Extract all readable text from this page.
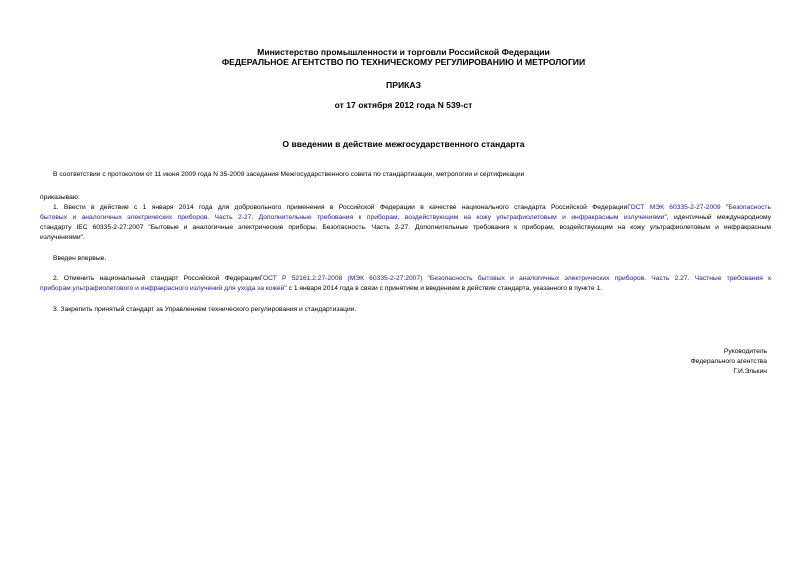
Министерство промышленности и торговли Российской Федерации
ФЕДЕРАЛЬНОЕ АГЕНТСТВО ПО ТЕХНИЧЕСКОМУ РЕГУЛИРОВАНИЮ И МЕТРОЛОГИИ
ПРИКАЗ
от 17 октября 2012 года N 539-ст
О введении в действие межгосударственного стандарта
В соответствии с протоколом от 11 июня 2009 года N 35-2009 заседания Межгосударственного совета по стандартизации, метрологии и сертификации
приказываю:
1. Ввести в действие с 1 января 2014 года для добровольного применения в Российской Федерации в качестве национального стандарта Российской ФедерацииГОСТ МЭК 60335-2-27-2009 "Безопасность
бытовых и аналогичных электрических приборов. Часть 2-27. Дополнительные требования к приборам, воздействующим на кожу ультрафиолетовым и инфракрасным излучениями", идентичный международному
стандарту IEC 60335-2-27:2007 "Бытовые и аналогичные электрические приборы. Безопасность. Часть 2-27. Дополнительные требования к приборам, воздействующим на кожу ультрафиолетовым и инфракрасным
излучениями".
Введен впервые.
2. Отменить национальный стандарт Российской ФедерацииГОСТ Р 52161.2.27-2008 (МЭК 60335-2-27:2007) "Безопасность бытовых и аналогичных электрических приборов. Часть 2.27. Частные требования к
приборам ультрафиолетового и инфракрасного излучений для ухода за кожей" с 1 января 2014 года в связи с принятием и введением в действие стандарта, указанного в пункте 1.
3. Закрепить принятый стандарт за Управлением технического регулирования и стандартизации.
Руководитель
Федерального агентства
Г.И.Элькин
